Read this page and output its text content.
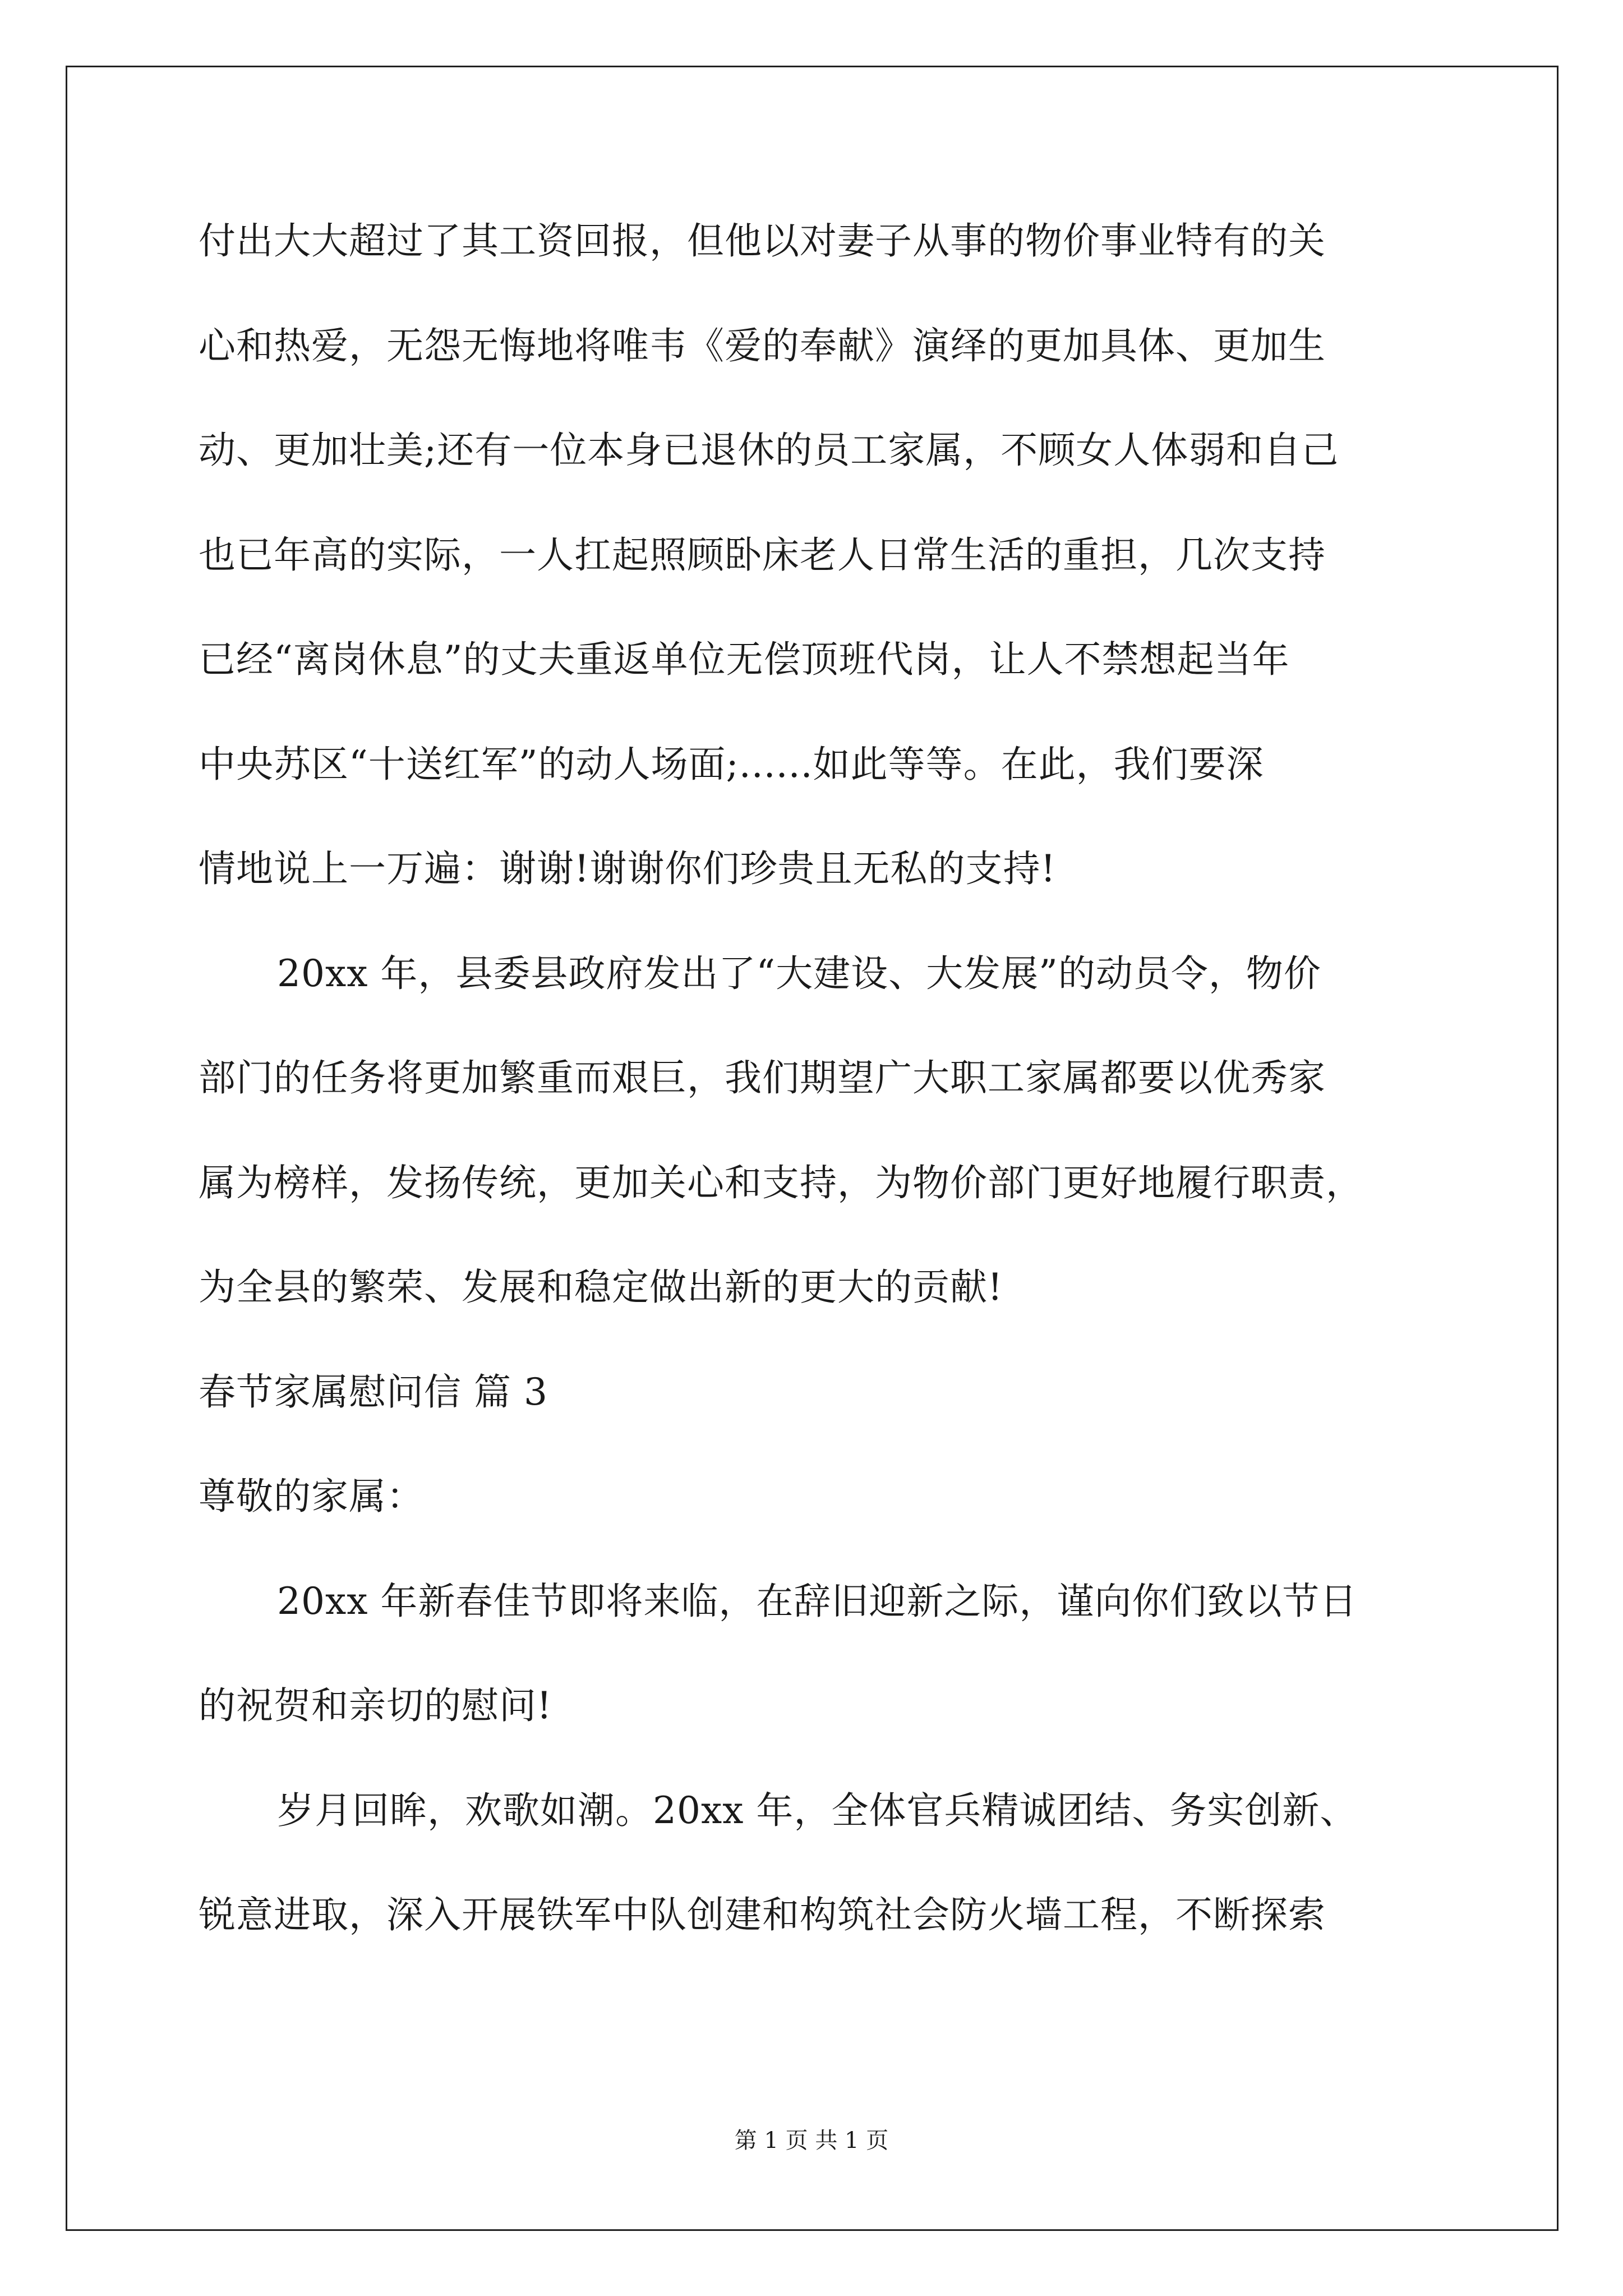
付出大大超过了其工资回报，但他以对妻子从事的物价事业特有的关
心和热爱，无怨无悔地将唯韦《爱的奉献》演绎的更加具体、更加生
动、更加壮美;还有一位本身已退休的员工家属，不顾女人体弱和自己
也已年高的实际，一人扛起照顾卧床老人日常生活的重担，几次支持
已经“离岗休息”的丈夫重返单位无偿顶班代岗，让人不禁想起当年
中央苏区“十送红军”的动人场面;......如此等等。在此，我们要深
情地说上一万遍：谢谢!谢谢你们珍贵且无私的支持!
20xx 年，县委县政府发出了“大建设、大发展”的动员令，物价
部门的任务将更加繁重而艰巨，我们期望广大职工家属都要以优秀家
属为榜样，发扬传统，更加关心和支持，为物价部门更好地履行职责，
为全县的繁荣、发展和稳定做出新的更大的贡献!
春节家属慰问信 篇 3
尊敬的家属：
20xx 年新春佳节即将来临，在辞旧迎新之际，谨向你们致以节日
的祝贺和亲切的慰问!
岁月回眸，欢歌如潮。20xx 年，全体官兵精诚团结、务实创新、
锐意进取，深入开展铁军中队创建和构筑社会防火墙工程，不断探索
第 1 页 共 1 页
